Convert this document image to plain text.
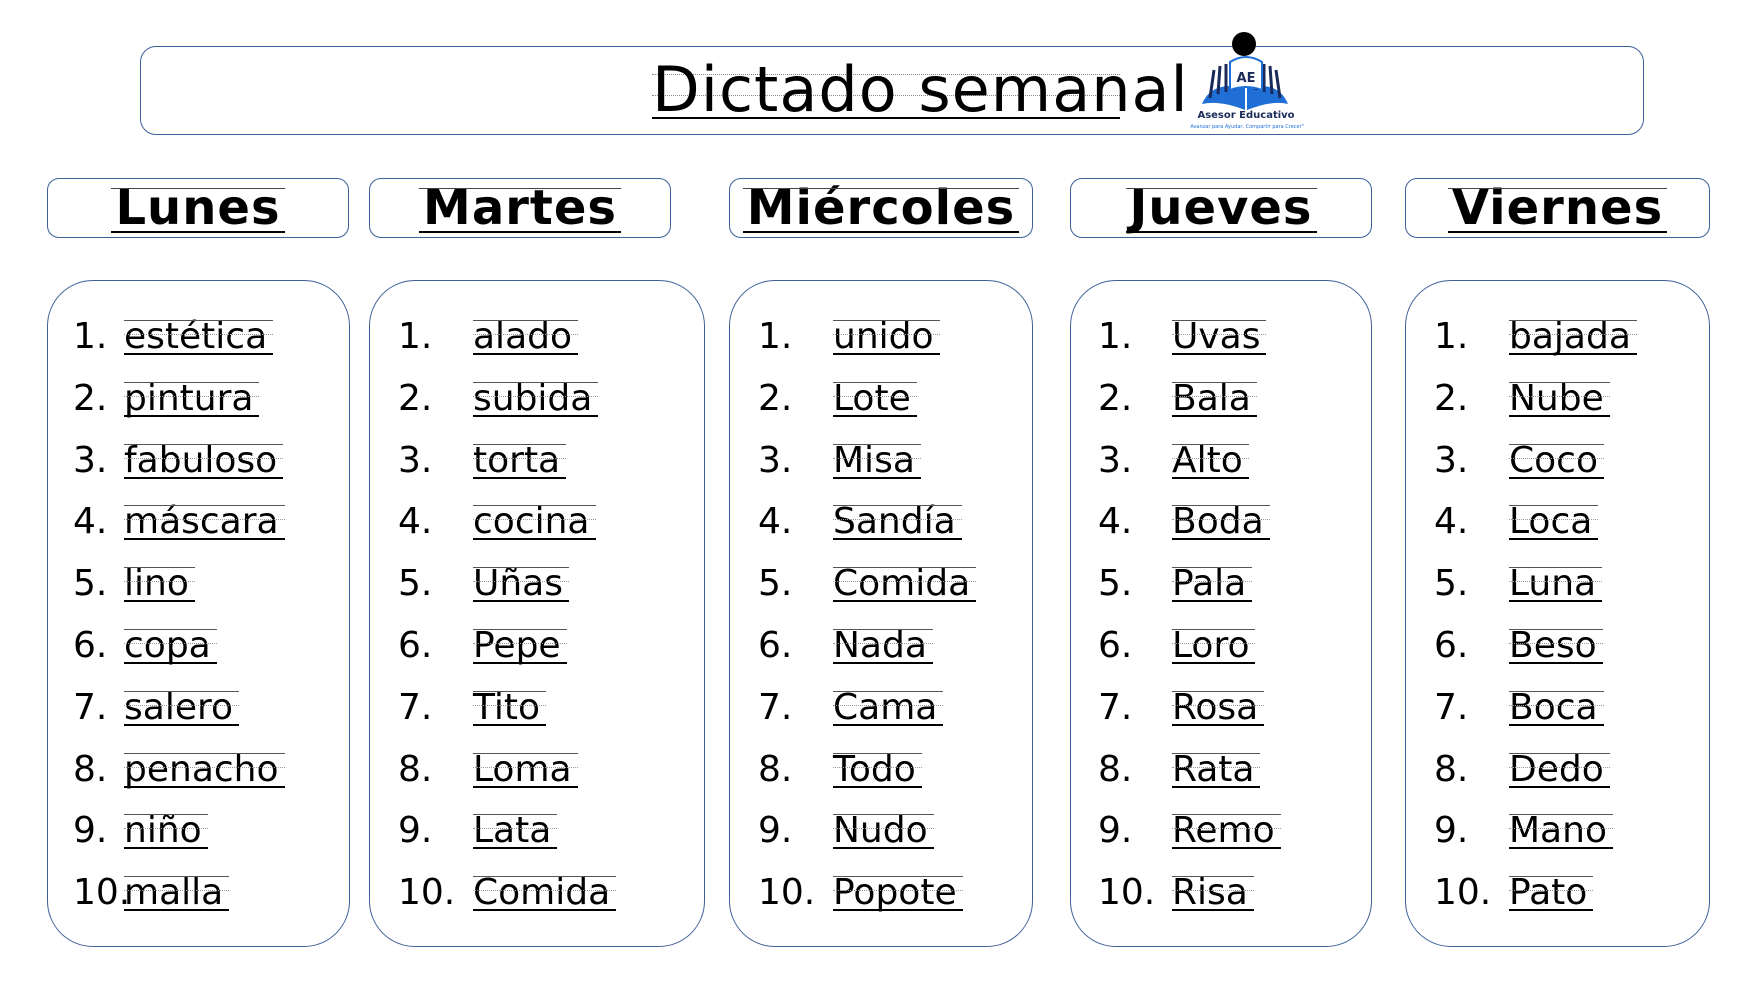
Dictado semanal	AE
Asesor Educativo
"Avanzar para Ayudar, Compartir para Crecer"
Lunes	Martes	Miércoles	Jueves	Viernes
1. estética
2. pintura
3. fabuloso
4. máscara
5. lino
6. copa
7. salero
8. penacho
9. niño
10.
malla
1. alado
2. subida
3. torta
4. cocina
5. Uñas
6. Pepe
7. Tito
8. Loma
9. Lata
10. Comida
1. unido
2. Lote
3. Misa
4. Sandía
5. Comida
6. Nada
7. Cama
8. Todo
9. Nudo
10. Popote
1. Uvas
2. Bala
3. Alto
4. Boda
5. Pala
6. Loro
7. Rosa
8. Rata
9. Remo
10. Risa
1. bajada
2. Nube
3. Coco
4. Loca
5. Luna
6. Beso
7. Boca
8. Dedo
9. Mano
10. Pato
